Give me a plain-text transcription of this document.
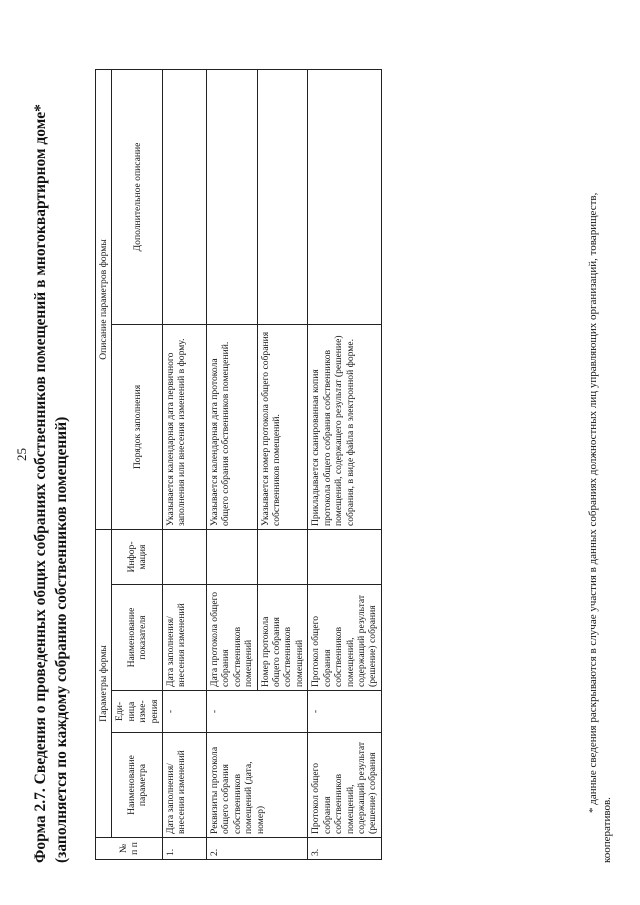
25 Форма 2.7. Сведения о проведенных общих собраниях собственников помещений в многоквартирном доме* (заполняется по каждому собранию собственников помещений)	№ п п	Параметры формы				Описание параметров формы	
	Наименование параметра	Еди-ница изме-рения	Наименование показателя	Инфор-мация	Порядок заполнения	Дополнительное описание
1.	Дата заполнения/внесения изменений	-	Дата заполнения/внесения изменений		Указывается календарная дата первичного заполнения или внесения изменений в форму.	
2.	Реквизиты протокола общего собрания собственников помещений (дата, номер)	-	Дата протокола общего собрания собственников помещений		Указывается календарная дата протокола общего собрания собственников помещений.	
			Номер протокола общего собрания собственников помещений		Указывается номер протокола общего собрания собственников помещений.	
3.	Протокол общего собрания собственников помещений, содержащий результат (решение) собрания	-	Протокол общего собрания собственников помещений, содержащий результат (решение) собрания		Прикладывается сканированная копия протокола общего собрания собственников помещений, содержащего результат (решение) собрания, в виде файла в электронной форме.		* данные сведения раскрываются в случае участия в данных собраниях должностных лиц управляющих организаций, товариществ,
кооперативов.
